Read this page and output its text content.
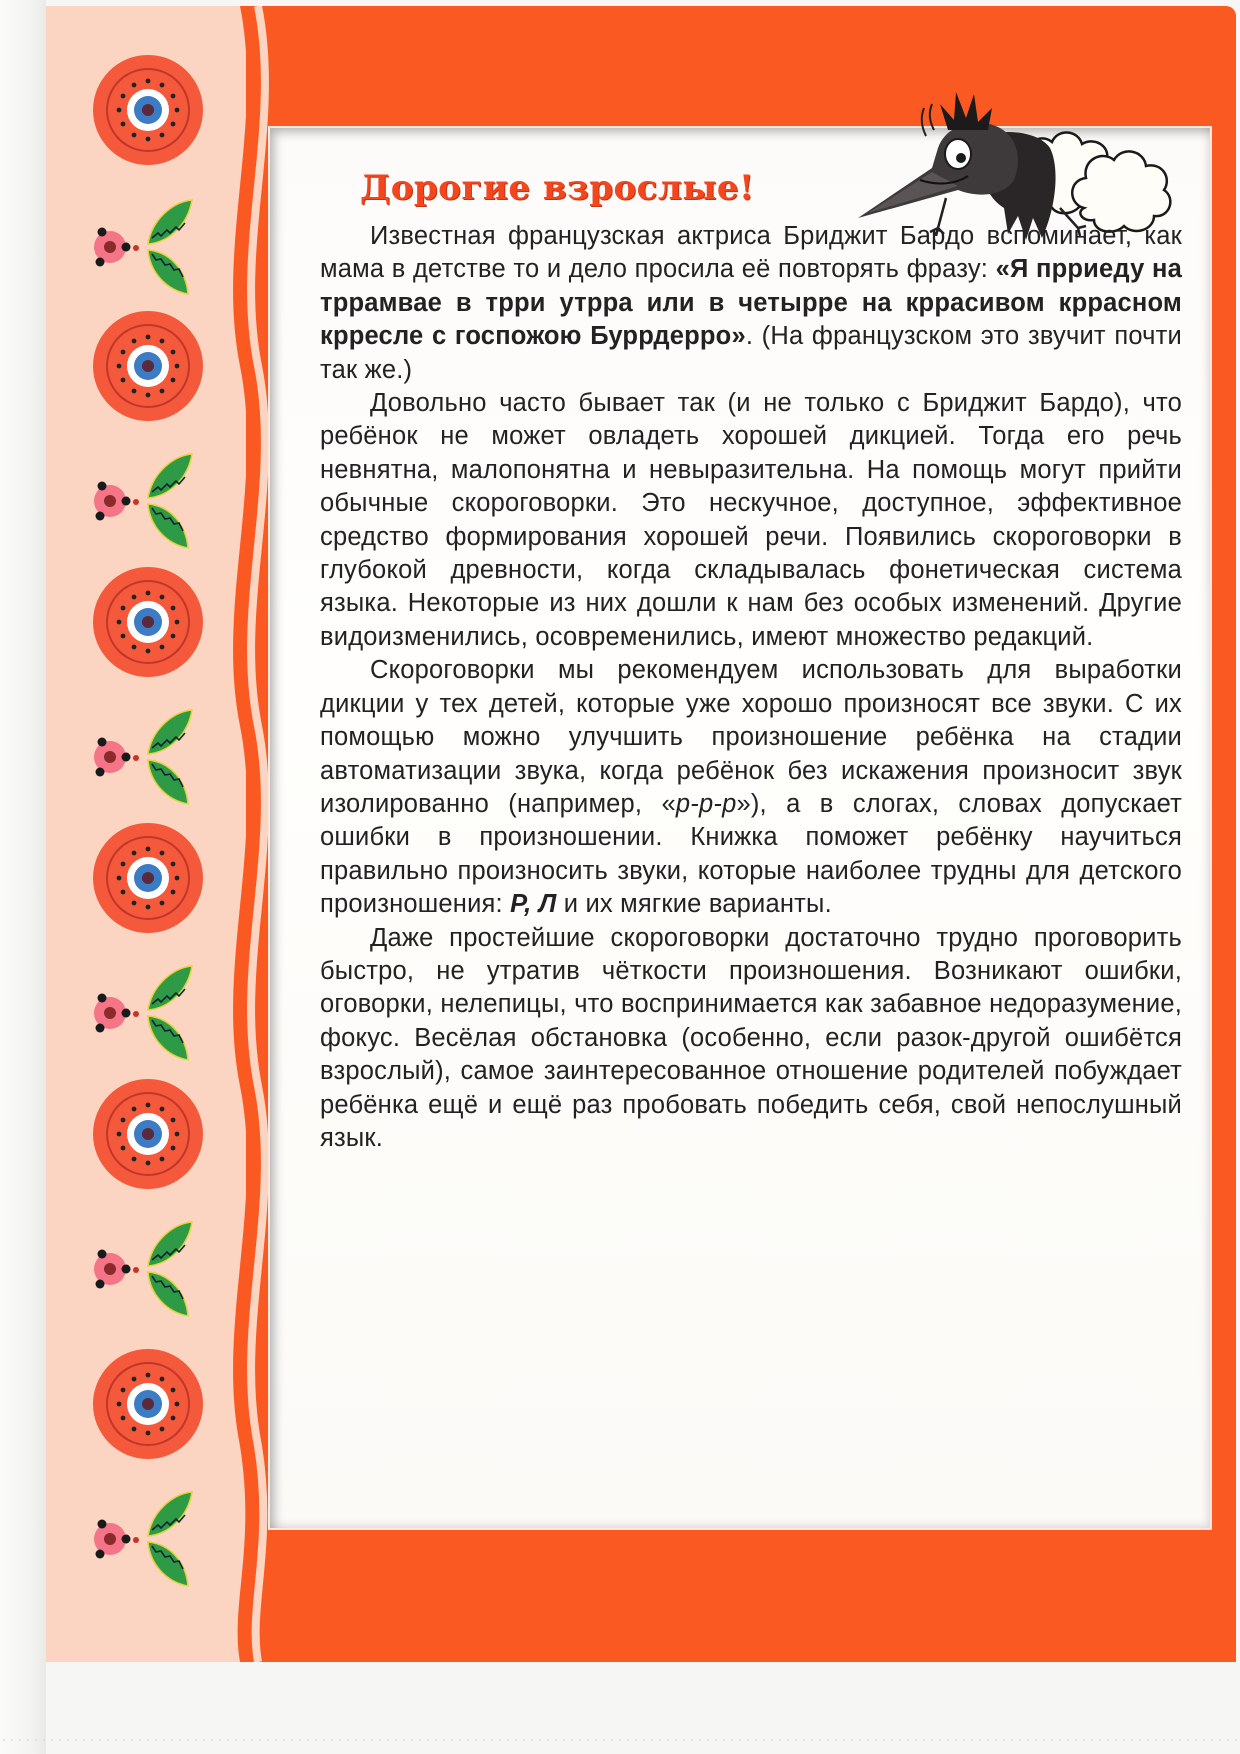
Дорогие взрослые!

Известная французская актриса Бриджит Бардо вспоминает, как мама в детстве то и дело просила её повторять фразу: «Я прриеду на тррамвае в трри утрра или в четырре на крраcивом кррасном крресле с госпожою Буррдерро». (На французском это звучит почти так же.)

Довольно часто бывает так (и не только с Бриджит Бардо), что ребёнок не может овладеть хорошей дикцией. Тогда его речь невнятна, малопонятна и невыразительна. На помощь могут прийти обычные скороговорки. Это нескучное, доступное, эффективное средство формирования хорошей речи. Появились скороговорки в глубокой древности, когда складывалась фонетическая система языка. Некоторые из них дошли к нам без особых изменений. Другие видоизменились, осовременились, имеют множество редакций.

Скороговорки мы рекомендуем использовать для выработки дикции у тех детей, которые уже хорошо произносят все звуки. С их помощью можно улучшить произношение ребёнка на стадии автоматизации звука, когда ребёнок без искажения произносит звук изолированно (например, «р-р-р»), а в слогах, словах допускает ошибки в произношении. Книжка поможет ребёнку научиться правильно произносить звуки, которые наиболее трудны для детского произношения: Р, Л и их мягкие варианты.

Даже простейшие скороговорки достаточно трудно проговорить быстро, не утратив чёткости произношения. Возникают ошибки, оговорки, нелепицы, что воспринимается как забавное недоразумение, фокус. Весёлая обстановка (особенно, если разок-другой ошибётся взрослый), самое заинтересованное отношение родителей побуждает ребёнка ещё и ещё раз пробовать победить себя, свой непослушный язык.
